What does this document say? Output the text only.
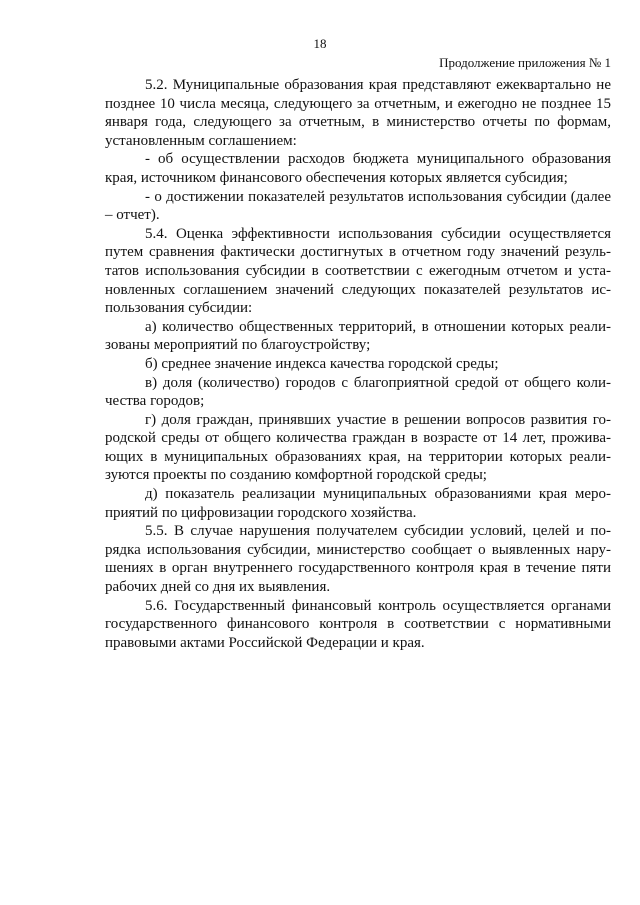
18
Продолжение приложения № 1

5.2. Муниципальные образования края представляют ежеквартально не позднее 10 числа месяца, следующего за отчетным, и ежегодно не позднее 15 января года, следующего за отчетным, в министерство отчеты по формам, установленным соглашением:

- об осуществлении расходов бюджета муниципального образования края, источником финансового обеспечения которых является субсидия;

- о достижении показателей результатов использования субсидии (далее – отчет).

5.4. Оценка эффективности использования субсидии осуществляется путем сравнения фактически достигнутых в отчетном году значений результатов использования субсидии в соответствии с ежегодным отчетом и установленных соглашением значений следующих показателей результатов использования субсидии:

а) количество общественных территорий, в отношении которых реализованы мероприятий по благоустройству;

б) среднее значение индекса качества городской среды;

в) доля (количество) городов с благоприятной средой от общего количества городов;

г) доля граждан, принявших участие в решении вопросов развития городской среды от общего количества граждан в возрасте от 14 лет, проживающих в муниципальных образованиях края, на территории которых реализуются проекты по созданию комфортной городской среды;

д) показатель реализации муниципальных образованиями края мероприятий по цифровизации городского хозяйства.

5.5. В случае нарушения получателем субсидии условий, целей и порядка использования субсидии, министерство сообщает о выявленных нарушениях в орган внутреннего государственного контроля края в течение пяти рабочих дней со дня их выявления.

5.6. Государственный финансовый контроль осуществляется органами государственного финансового контроля в соответствии с нормативными правовыми актами Российской Федерации и края.
